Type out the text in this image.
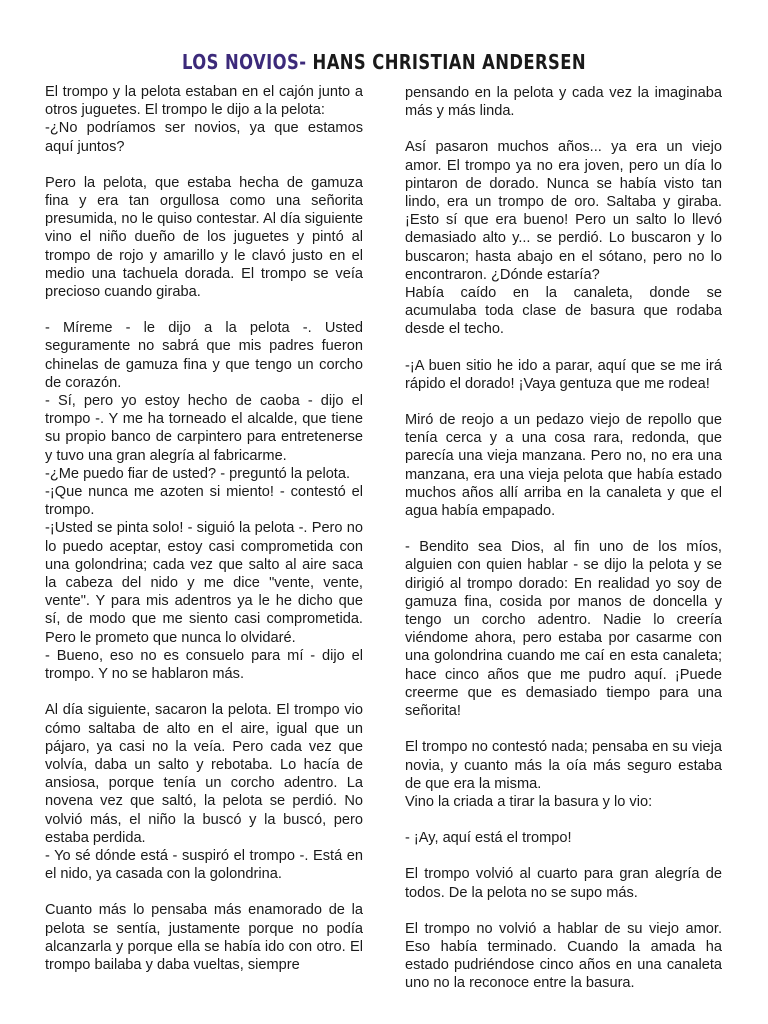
LOS NOVIOS- HANS CHRISTIAN ANDERSEN
El trompo y la pelota estaban en el cajón junto a otros juguetes. El trompo le dijo a la pelota:
-¿No podríamos ser novios, ya que estamos aquí juntos?
Pero la pelota, que estaba hecha de gamuza fina y era tan orgullosa como una señorita presumida, no le quiso contestar. Al día siguiente vino el niño dueño de los juguetes y pintó al trompo de rojo y amarillo y le clavó justo en el medio una tachuela dorada. El trompo se veía precioso cuando giraba.
- Míreme - le dijo a la pelota -. Usted seguramente no sabrá que mis padres fueron chinelas de gamuza fina y que tengo un corcho de corazón.
- Sí, pero yo estoy hecho de caoba - dijo el trompo -. Y me ha torneado el alcalde, que tiene su propio banco de carpintero para entretenerse y tuvo una gran alegría al fabricarme.
-¿Me puedo fiar de usted? - preguntó la pelota.
-¡Que nunca me azoten si miento! - contestó el trompo.
-¡Usted se pinta solo! - siguió la pelota -. Pero no lo puedo aceptar, estoy casi comprometida con una golondrina; cada vez que salto al aire saca la cabeza del nido y me dice "vente, vente, vente". Y para mis adentros ya le he dicho que sí, de modo que me siento casi comprometida. Pero le prometo que nunca lo olvidaré.
- Bueno, eso no es consuelo para mí - dijo el trompo. Y no se hablaron más.
Al día siguiente, sacaron la pelota. El trompo vio cómo saltaba de alto en el aire, igual que un pájaro, ya casi no la veía. Pero cada vez que volvía, daba un salto y rebotaba. Lo hacía de ansiosa, porque tenía un corcho adentro. La novena vez que saltó, la pelota se perdió. No volvió más, el niño la buscó y la buscó, pero estaba perdida.
- Yo sé dónde está - suspiró el trompo -. Está en el nido, ya casada con la golondrina.
Cuanto más lo pensaba más enamorado de la pelota se sentía, justamente porque no podía alcanzarla y porque ella se había ido con otro. El trompo bailaba y daba vueltas, siempre
pensando en la pelota y cada vez la imaginaba más y más linda.
Así pasaron muchos años... ya era un viejo amor. El trompo ya no era joven, pero un día lo pintaron de dorado. Nunca se había visto tan lindo, era un trompo de oro. Saltaba y giraba. ¡Esto sí que era bueno! Pero un salto lo llevó demasiado alto y... se perdió. Lo buscaron y lo buscaron; hasta abajo en el sótano, pero no lo encontraron. ¿Dónde estaría?
Había caído en la canaleta, donde se acumulaba toda clase de basura que rodaba desde el techo.
-¡A buen sitio he ido a parar, aquí que se me irá rápido el dorado! ¡Vaya gentuza que me rodea!
Miró de reojo a un pedazo viejo de repollo que tenía cerca y a una cosa rara, redonda, que parecía una vieja manzana. Pero no, no era una manzana, era una vieja pelota que había estado muchos años allí arriba en la canaleta y que el agua había empapado.
- Bendito sea Dios, al fin uno de los míos, alguien con quien hablar - se dijo la pelota y se dirigió al trompo dorado: En realidad yo soy de gamuza fina, cosida por manos de doncella y tengo un corcho adentro. Nadie lo creería viéndome ahora, pero estaba por casarme con una golondrina cuando me caí en esta canaleta; hace cinco años que me pudro aquí. ¡Puede creerme que es demasiado tiempo para una señorita!
El trompo no contestó nada; pensaba en su vieja novia, y cuanto más la oía más seguro estaba de que era la misma.
Vino la criada a tirar la basura y lo vio:
- ¡Ay, aquí está el trompo!
El trompo volvió al cuarto para gran alegría de todos. De la pelota no se supo más.
El trompo no volvió a hablar de su viejo amor. Eso había terminado. Cuando la amada ha estado pudriéndose cinco años en una canaleta uno no la reconoce entre la basura.
